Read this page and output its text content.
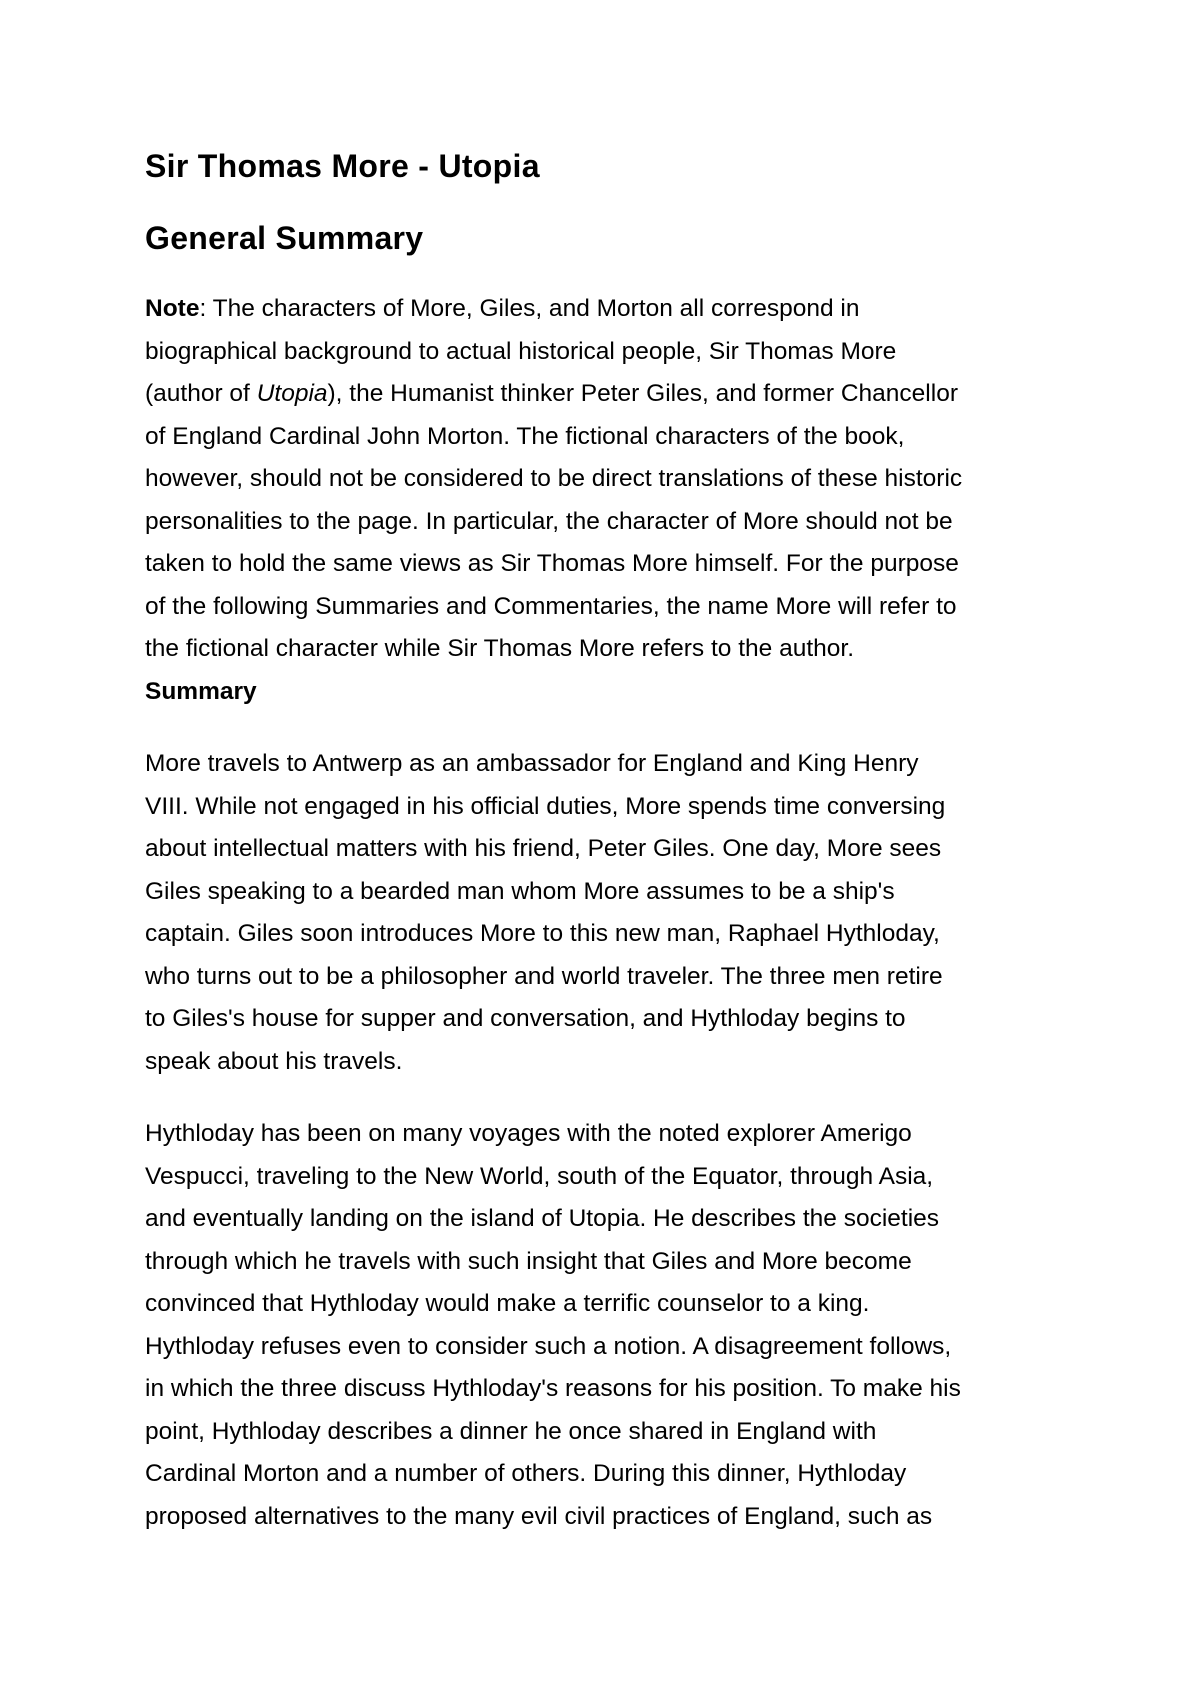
Sir Thomas More - Utopia
General Summary
Note: The characters of More, Giles, and Morton all correspond in
biographical background to actual historical people, Sir Thomas More
(author of Utopia), the Humanist thinker Peter Giles, and former Chancellor
of England Cardinal John Morton. The fictional characters of the book,
however, should not be considered to be direct translations of these historic
personalities to the page. In particular, the character of More should not be
taken to hold the same views as Sir Thomas More himself. For the purpose
of the following Summaries and Commentaries, the name More will refer to
the fictional character while Sir Thomas More refers to the author.
Summary
More travels to Antwerp as an ambassador for England and King Henry
VIII. While not engaged in his official duties, More spends time conversing
about intellectual matters with his friend, Peter Giles. One day, More sees
Giles speaking to a bearded man whom More assumes to be a ship's
captain. Giles soon introduces More to this new man, Raphael Hythloday,
who turns out to be a philosopher and world traveler. The three men retire
to Giles's house for supper and conversation, and Hythloday begins to
speak about his travels.
Hythloday has been on many voyages with the noted explorer Amerigo
Vespucci, traveling to the New World, south of the Equator, through Asia,
and eventually landing on the island of Utopia. He describes the societies
through which he travels with such insight that Giles and More become
convinced that Hythloday would make a terrific counselor to a king.
Hythloday refuses even to consider such a notion. A disagreement follows,
in which the three discuss Hythloday's reasons for his position. To make his
point, Hythloday describes a dinner he once shared in England with
Cardinal Morton and a number of others. During this dinner, Hythloday
proposed alternatives to the many evil civil practices of England, such as
